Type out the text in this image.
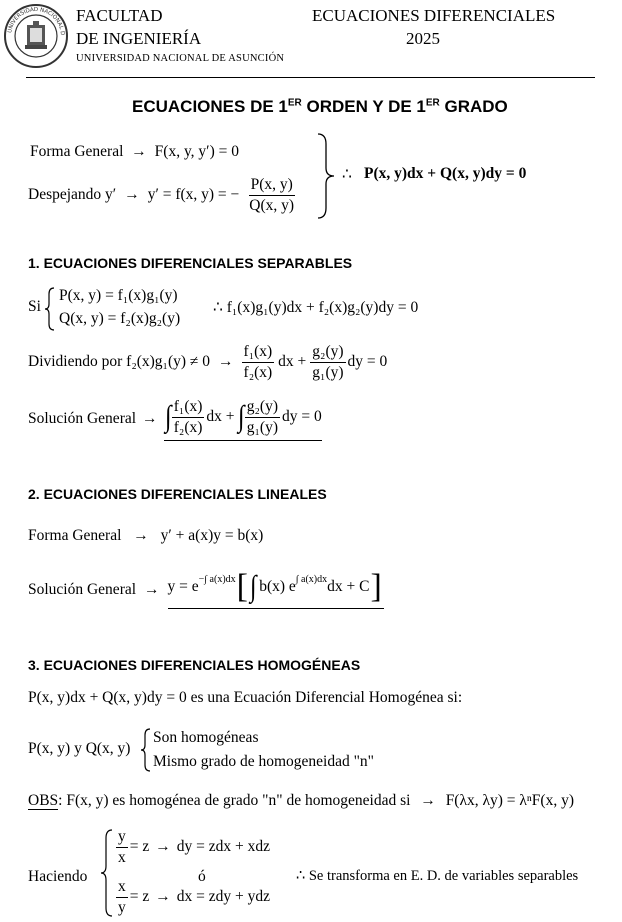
UNIVERSIDAD NACIONAL D
FACULTAD
DE INGENIERÍA
UNIVERSIDAD NACIONAL DE ASUNCIÓN
ECUACIONES DIFERENCIALES
2025
ECUACIONES DE 1ER ORDEN Y DE 1ER GRADO
Forma General → F(x, y, y′) = 0
Despejando y′ → y′ = f(x, y) = − $\frac{P(x, y)}{Q(x, y)}$
∴ P(x, y)dx + Q(x, y)dy = 0
1. ECUACIONES DIFERENCIALES SEPARABLES
Si
P(x, y) = f₁(x)g₁(y)
Q(x, y) = f₂(x)g₂(y)
∴ f₁(x)g₁(y)dx + f₂(x)g₂(y)dy = 0
Dividiendo por $f_2(x)g_1(y) \ne 0 \to \frac{\text{f₁(x)}}{\text{f₂(x)}}$ dx + $\frac{\text{g₂(y)}}{\text{g₁(y)}}$ dy = 0
Solución General → ∫ $\frac{\text{f₁(x)}}{\text{f₂(x)}}$ dx + ∫ $\frac{\text{g₂(y)}}{\text{g₁(y)}}$ dy = 0
2. ECUACIONES DIFERENCIALES LINEALES
Forma General → y′ + a(x)y = b(x)
Solución General → $y = e^{-\int a(x)dx}$ [ ∫ b(x) $e^{\int a(x)dx}$ dx + C ]
3. ECUACIONES DIFERENCIALES HOMOGÉNEAS
P(x, y)dx + Q(x, y)dy = 0 es una Ecuación Diferencial Homogénea si:
P(x, y) y Q(x, y)
Son homogéneas
Mismo grado de homogeneidad "n"
OBS: F(x, y) es homogénea de grado "n" de homogeneidad si → F(λx, λy) = λⁿF(x, y)
Haciendo
$\frac{y}{x} = z$ → dy = zdx + xdz
ó
$\frac{x}{y} = z$ → dx = zdy + ydz
∴ Se transforma en E. D. de variables separables
